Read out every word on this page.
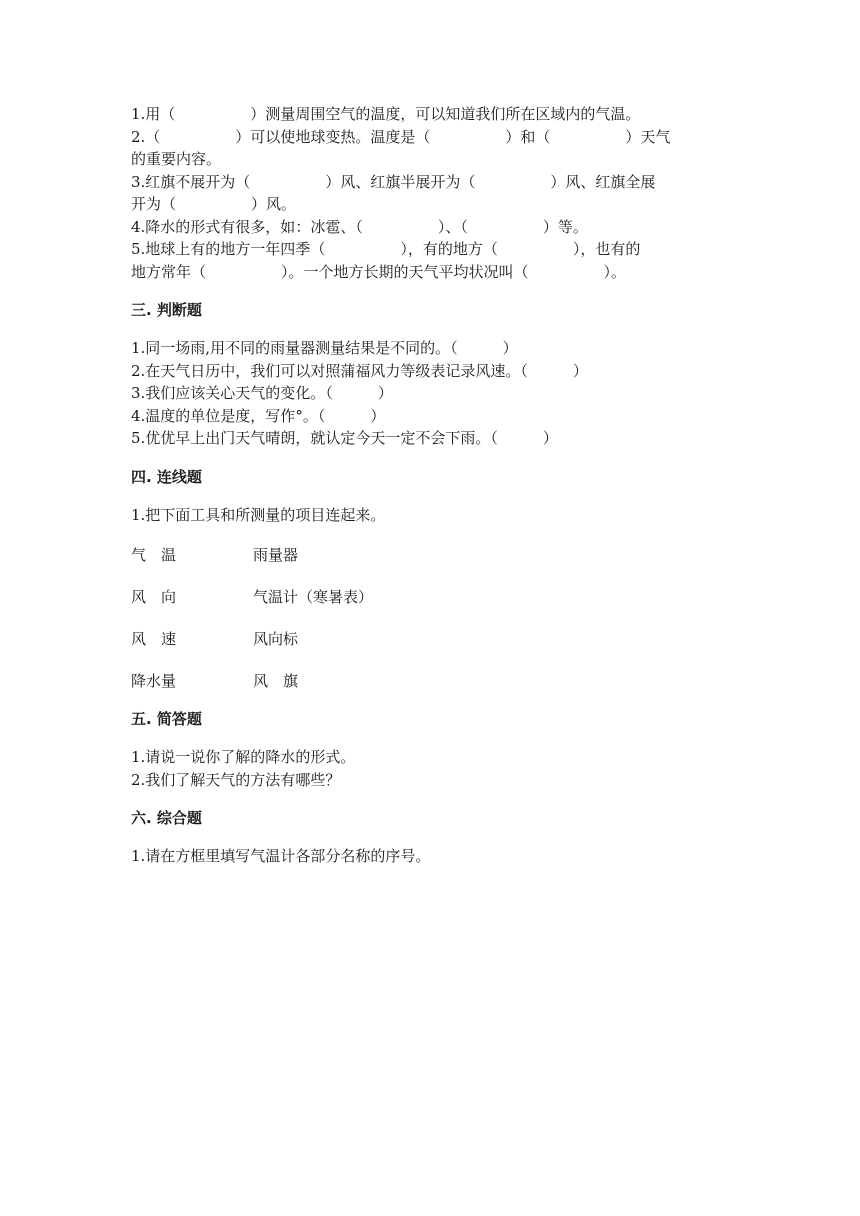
1.用（　　　　　）测量周围空气的温度，可以知道我们所在区域内的气温。
2.（　　　　　）可以使地球变热。温度是（　　　　　）和（　　　　　）天气
的重要内容。
3.红旗不展开为（　　　　　）风、红旗半展开为（　　　　　）风、红旗全展
开为（　　　　　）风。
4.降水的形式有很多，如：冰雹、（　　　　　）、（　　　　　）等。
5.地球上有的地方一年四季（　　　　　），有的地方（　　　　　），也有的
地方常年（　　　　　）。一个地方长期的天气平均状况叫（　　　　　）。
三. 判断题
1.同一场雨,用不同的雨量器测量结果是不同的。（　　　）
2.在天气日历中，我们可以对照蒲福风力等级表记录风速。（　　　）
3.我们应该关心天气的变化。（　　　）
4.温度的单位是度，写作°。（　　　）
5.优优早上出门天气晴朗，就认定今天一定不会下雨。（　　　）
四. 连线题
1.把下面工具和所测量的项目连起来。
气　温	雨量器
风　向	气温计（寒暑表）
风　速	风向标
降水量	风　旗
五. 简答题
1.请说一说你了解的降水的形式。
2.我们了解天气的方法有哪些？
六. 综合题
1.请在方框里填写气温计各部分名称的序号。
